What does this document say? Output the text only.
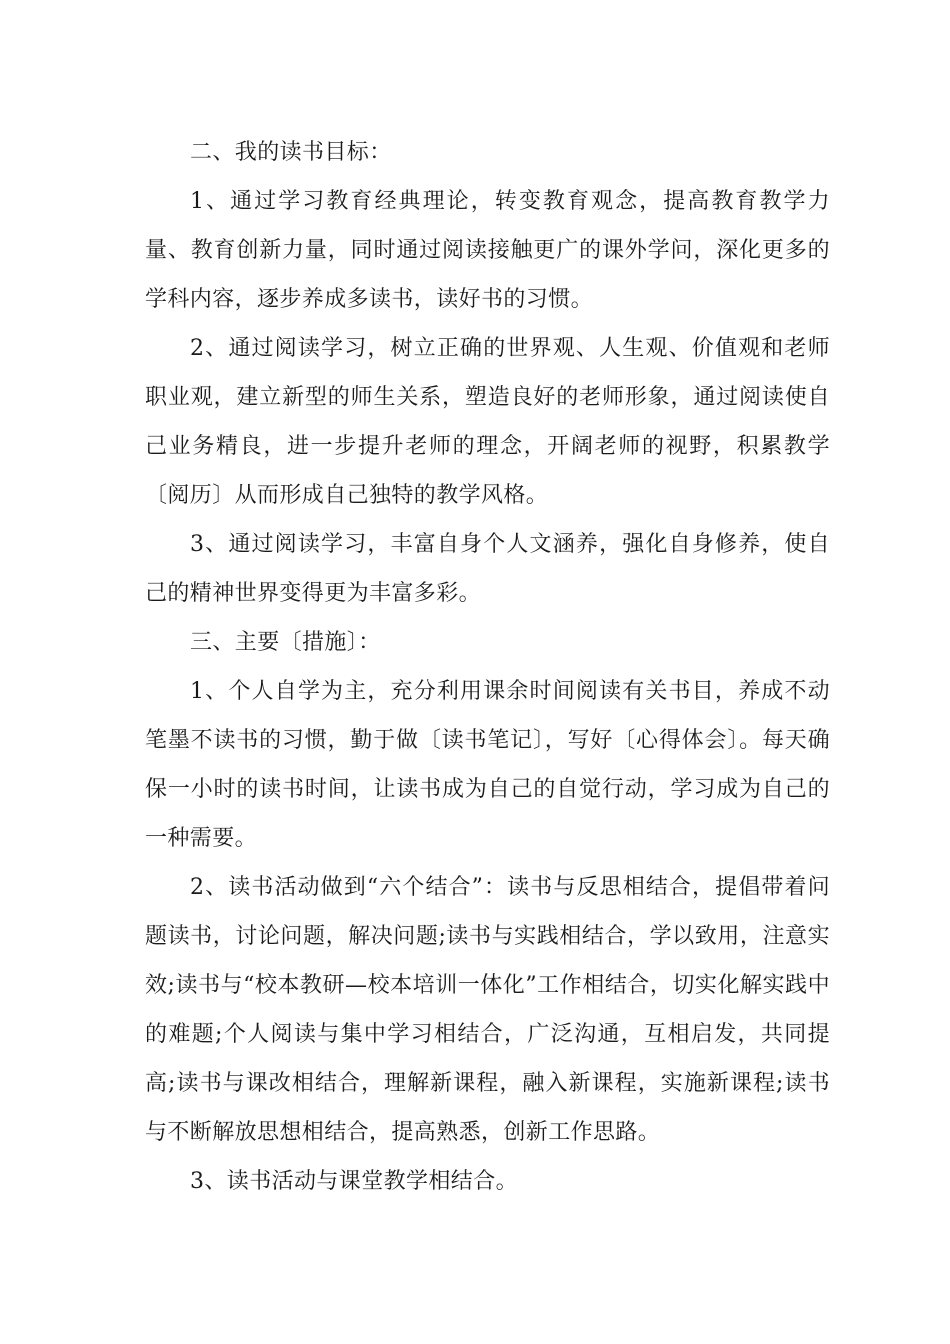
二、我的读书目标：

1、通过学习教育经典理论，转变教育观念，提高教育教学力量、教育创新力量，同时通过阅读接触更广的课外学问，深化更多的学科内容，逐步养成多读书，读好书的习惯。

2、通过阅读学习，树立正确的世界观、人生观、价值观和老师职业观，建立新型的师生关系，塑造良好的老师形象，通过阅读使自己业务精良，进一步提升老师的理念，开阔老师的视野，积累教学〔阅历〕从而形成自己独特的教学风格。

3、通过阅读学习，丰富自身个人文涵养，强化自身修养，使自己的精神世界变得更为丰富多彩。

三、主要〔措施〕：

1、个人自学为主，充分利用课余时间阅读有关书目，养成不动笔墨不读书的习惯，勤于做〔读书笔记〕，写好〔心得体会〕。每天确保一小时的读书时间，让读书成为自己的自觉行动，学习成为自己的一种需要。

2、读书活动做到“六个结合”：读书与反思相结合，提倡带着问题读书，讨论问题，解决问题;读书与实践相结合，学以致用，注意实效;读书与“校本教研—校本培训一体化”工作相结合，切实化解实践中的难题;个人阅读与集中学习相结合，广泛沟通，互相启发，共同提高;读书与课改相结合，理解新课程，融入新课程，实施新课程;读书与不断解放思想相结合，提高熟悉，创新工作思路。

3、读书活动与课堂教学相结合。
